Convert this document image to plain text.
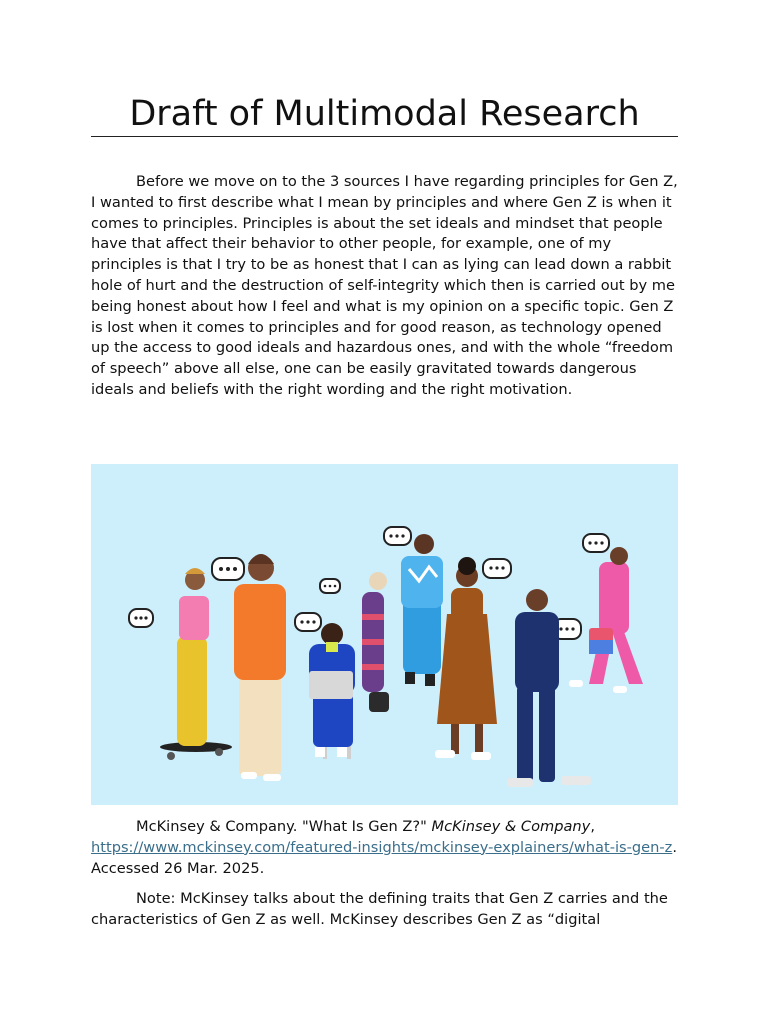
Draft of Multimodal Research

Before we move on to the 3 sources I have regarding principles for Gen Z, I wanted to first describe what I mean by principles and where Gen Z is when it comes to principles. Principles is about the set ideals and mindset that people have that affect their behavior to other people, for example, one of my principles is that I try to be as honest that I can as lying can lead down a rabbit hole of hurt and the destruction of self-integrity which then is carried out by me being honest about how I feel and what is my opinion on a specific topic. Gen Z is lost when it comes to principles and for good reason, as technology opened up the access to good ideals and hazardous ones, and with the whole “freedom of speech” above all else, one can be easily gravitated towards dangerous ideals and beliefs with the right wording and the right motivation.

McKinsey & Company. "What Is Gen Z?" McKinsey & Company, https://www.mckinsey.com/featured-insights/mckinsey-explainers/what-is-gen-z. Accessed 26 Mar. 2025.

Note: McKinsey talks about the defining traits that Gen Z carries and the characteristics of Gen Z as well. McKinsey describes Gen Z as “digital
